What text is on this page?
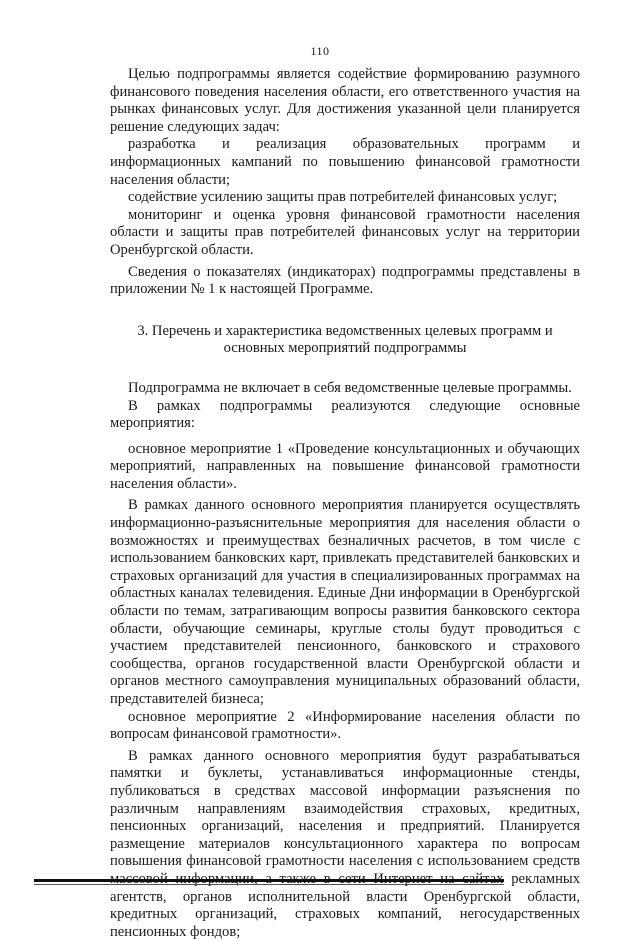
110

Целью подпрограммы является содействие формированию разумного финансового поведения населения области, его ответственного участия на рынках финансовых услуг. Для достижения указанной цели планируется решение следующих задач:

разработка и реализация образовательных программ и информационных кампаний по повышению финансовой грамотности населения области;

содействие усилению защиты прав потребителей финансовых услуг;

мониторинг и оценка уровня финансовой грамотности населения области и защиты прав потребителей финансовых услуг на территории Оренбургской области.

Сведения о показателях (индикаторах) подпрограммы представлены в приложении № 1 к настоящей Программе.

3. Перечень и характеристика ведомственных целевых программ и
основных мероприятий подпрограммы

Подпрограмма не включает в себя ведомственные целевые программы.

В рамках подпрограммы реализуются следующие основные мероприятия:

основное мероприятие 1 «Проведение консультационных и обучающих мероприятий, направленных на повышение финансовой грамотности населения области».

В рамках данного основного мероприятия планируется осуществлять информационно-разъяснительные мероприятия для населения области о возможностях и преимуществах безналичных расчетов, в том числе с использованием банковских карт, привлекать представителей банковских и страховых организаций для участия в специализированных программах на областных каналах телевидения. Единые Дни информации в Оренбургской области по темам, затрагивающим вопросы развития банковского сектора области, обучающие семинары, круглые столы будут проводиться с участием представителей пенсионного, банковского и страхового сообщества, органов государственной власти Оренбургской области и органов местного самоуправления муниципальных образований области, представителей бизнеса;

основное мероприятие 2 «Информирование населения области по вопросам финансовой грамотности».

В рамках данного основного мероприятия будут разрабатываться памятки и буклеты, устанавливаться информационные стенды, публиковаться в средствах массовой информации разъяснения по различным направлениям взаимодействия страховых, кредитных, пенсионных организаций, населения и предприятий. Планируется размещение материалов консультационного характера по вопросам повышения финансовой грамотности населения с использованием средств массовой информации, а также в сети Интернет на сайтах рекламных агентств, органов исполнительной власти Оренбургской области, кредитных организаций, страховых компаний, негосударственных пенсионных фондов;
